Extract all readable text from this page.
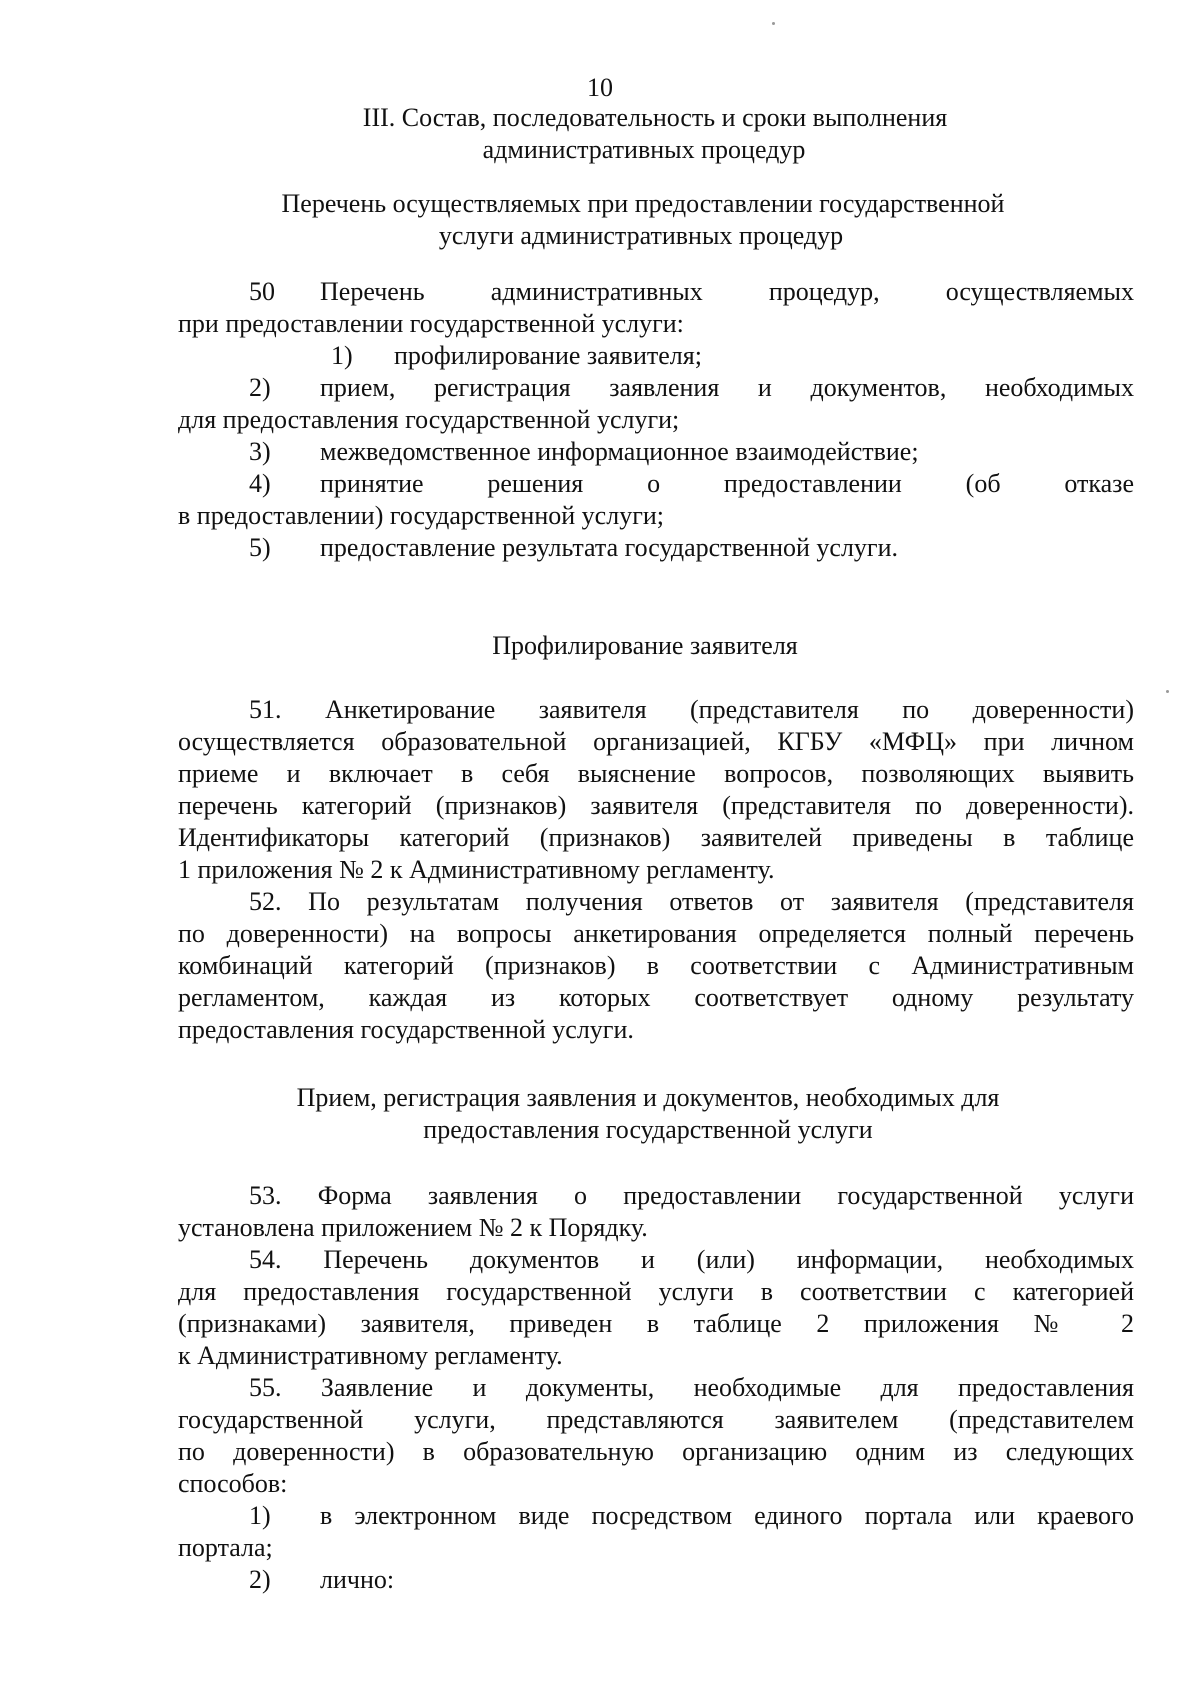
10
III. Состав, последовательность и сроки выполнения
административных процедур
Перечень осуществляемых при предоставлении государственной
услуги административных процедур
50	Перечень административных процедур, осуществляемых
при предоставлении государственной услуги:
1)	профилирование заявителя;
2)	прием, регистрация заявления и документов, необходимых
для предоставления государственной услуги;
3)	межведомственное информационное взаимодействие;
4)	принятие решения о предоставлении (об отказе
в предоставлении) государственной услуги;
5)	предоставление результата государственной услуги.
Профилирование заявителя
51. Анкетирование заявителя (представителя по доверенности)
осуществляется образовательной организацией, КГБУ «МФЦ» при личном
приеме и включает в себя выяснение вопросов, позволяющих выявить
перечень категорий (признаков) заявителя (представителя по доверенности).
Идентификаторы категорий (признаков) заявителей приведены в таблице
1 приложения № 2 к Административному регламенту.
52. По результатам получения ответов от заявителя (представителя
по доверенности) на вопросы анкетирования определяется полный перечень
комбинаций категорий (признаков) в соответствии с Административным
регламентом, каждая из которых соответствует одному результату
предоставления государственной услуги.
Прием, регистрация заявления и документов, необходимых для
предоставления государственной услуги
53. Форма заявления о предоставлении государственной услуги
установлена приложением № 2 к Порядку.
54. Перечень документов и (или) информации, необходимых
для предоставления государственной услуги в соответствии с категорией
(признаками) заявителя, приведен в таблице 2 приложения № 2
к Административному регламенту.
55. Заявление и документы, необходимые для предоставления
государственной услуги, представляются заявителем (представителем
по доверенности) в образовательную организацию одним из следующих
способов:
1)	в электронном виде посредством единого портала или краевого
портала;
2)	лично:
